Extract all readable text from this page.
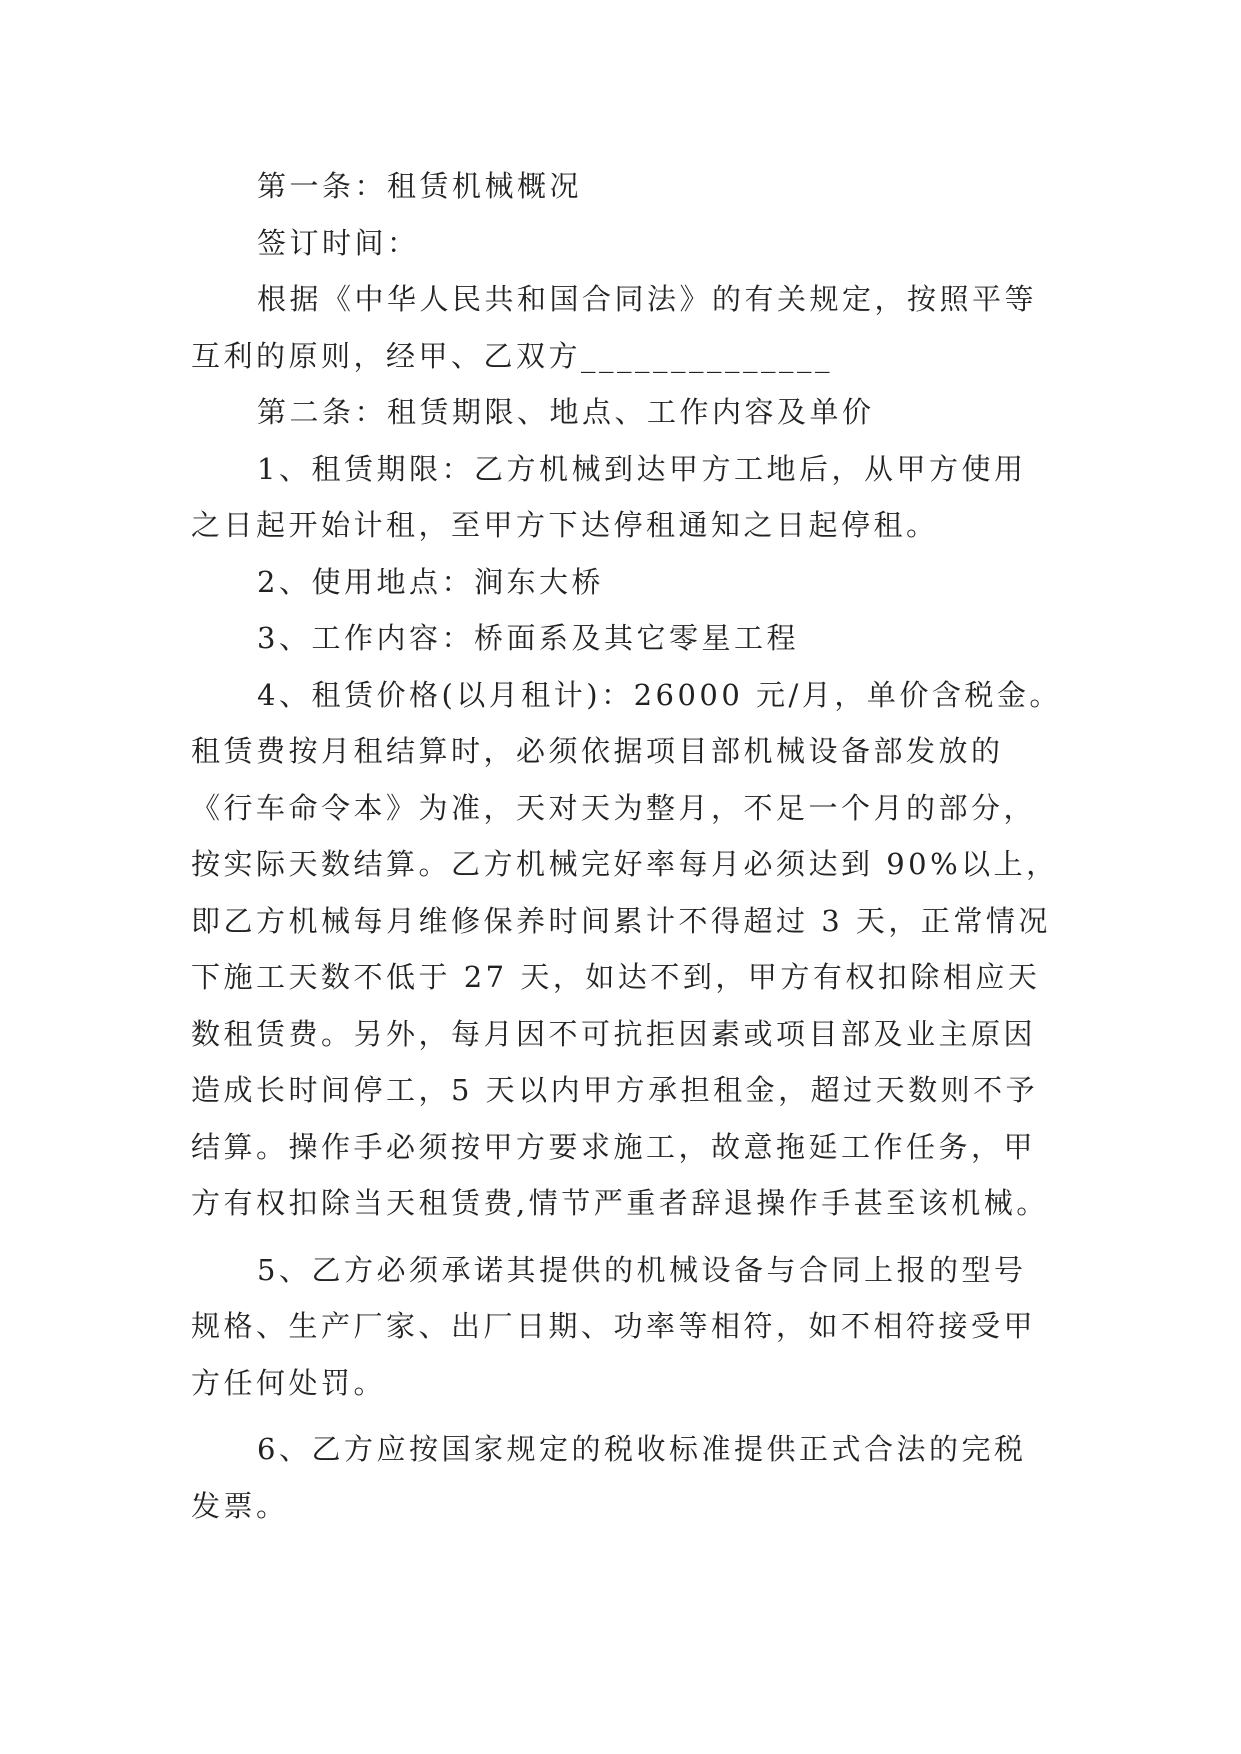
第一条：租赁机械概况
签订时间：
根据《中华人民共和国合同法》的有关规定，按照平等
互利的原则，经甲、乙双方______________
第二条：租赁期限、地点、工作内容及单价
1、租赁期限：乙方机械到达甲方工地后，从甲方使用
之日起开始计租，至甲方下达停租通知之日起停租。
2、使用地点：涧东大桥
3、工作内容：桥面系及其它零星工程
4、租赁价格(以月租计)：26000 元/月，单价含税金。
租赁费按月租结算时，必须依据项目部机械设备部发放的
《行车命令本》为准，天对天为整月，不足一个月的部分，
按实际天数结算。乙方机械完好率每月必须达到 90%以上，
即乙方机械每月维修保养时间累计不得超过 3 天，正常情况
下施工天数不低于 27 天，如达不到，甲方有权扣除相应天
数租赁费。另外，每月因不可抗拒因素或项目部及业主原因
造成长时间停工，5 天以内甲方承担租金，超过天数则不予
结算。操作手必须按甲方要求施工，故意拖延工作任务，甲
方有权扣除当天租赁费,情节严重者辞退操作手甚至该机械。
5、乙方必须承诺其提供的机械设备与合同上报的型号
规格、生产厂家、出厂日期、功率等相符，如不相符接受甲
方任何处罚。
6、乙方应按国家规定的税收标准提供正式合法的完税
发票。
